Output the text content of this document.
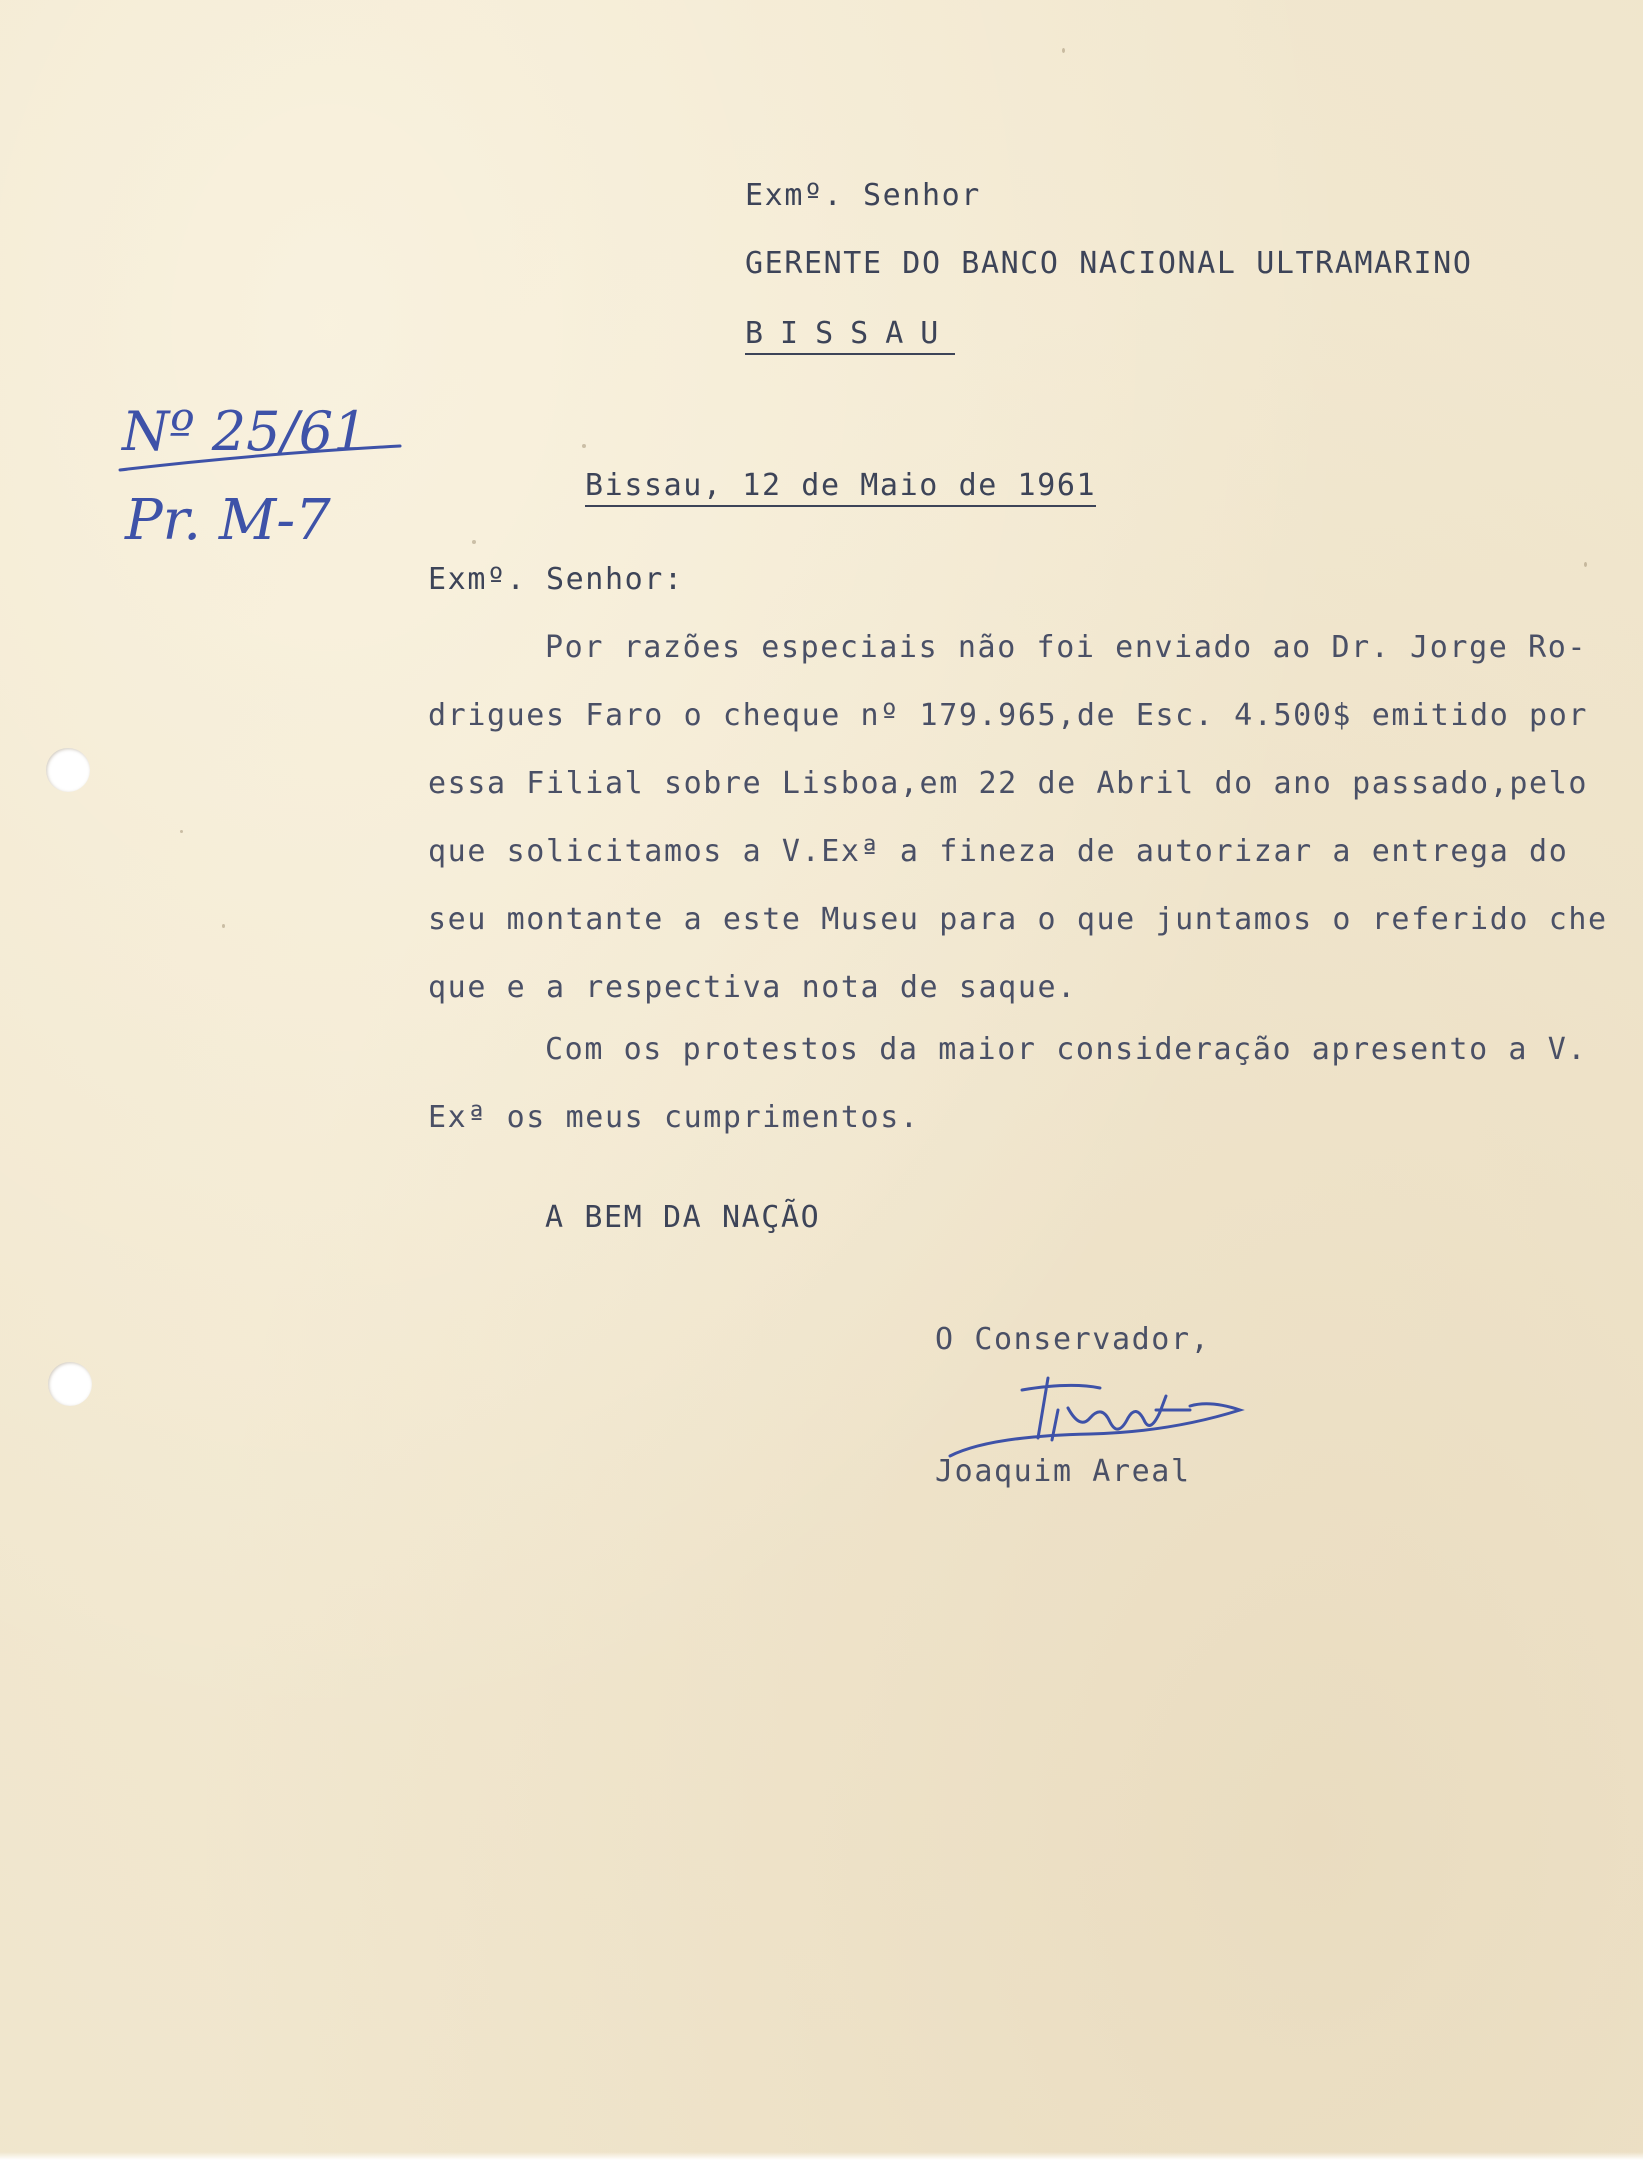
Exmº. Senhor

GERENTE DO BANCO NACIONAL ULTRAMARINO

BISSAU

Nº 25/61

Pr. M-7

Bissau, 12 de Maio de 1961

Exmº. Senhor:

Por razões especiais não foi enviado ao Dr. Jorge Ro-

drigues Faro o cheque nº 179.965,de Esc. 4.500$ emitido por

essa Filial sobre Lisboa,em 22 de Abril do ano passado,pelo

que solicitamos a V.Exª a fineza de autorizar a entrega do

seu montante a este Museu para o que juntamos o referido che

que e a respectiva nota de saque.

Com os protestos da maior consideração apresento a V.

Exª os meus cumprimentos.

A BEM DA NAÇÃO

O Conservador,

Joaquim Areal
